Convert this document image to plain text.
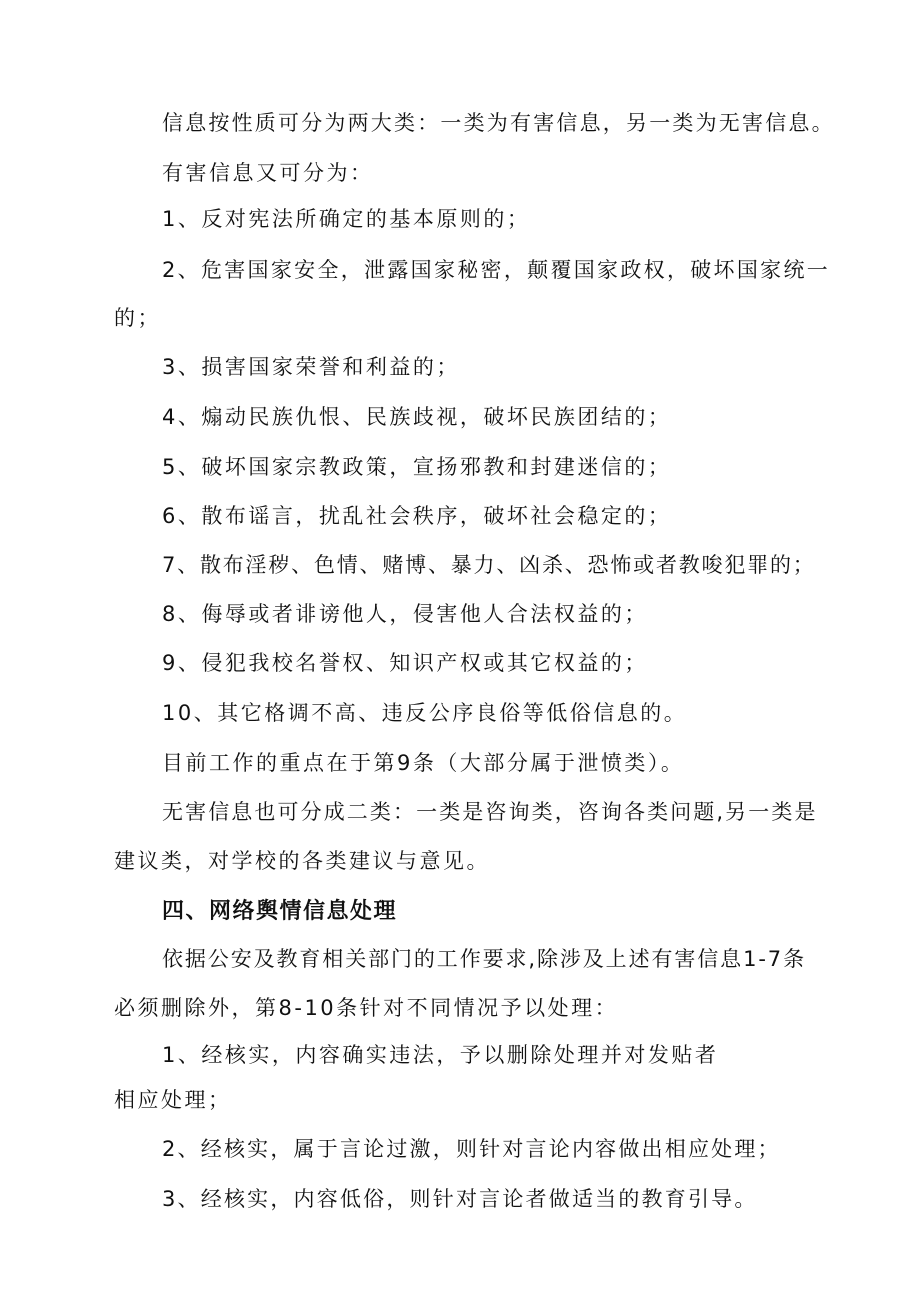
信息按性质可分为两大类：一类为有害信息，另一类为无害信息。

有害信息又可分为：

1、反对宪法所确定的基本原则的；

2、危害国家安全，泄露国家秘密，颠覆国家政权，破坏国家统一

的；

3、损害国家荣誉和利益的；

4、煽动民族仇恨、民族歧视，破坏民族团结的；

5、破坏国家宗教政策，宣扬邪教和封建迷信的；

6、散布谣言，扰乱社会秩序，破坏社会稳定的；

7、散布淫秽、色情、赌博、暴力、凶杀、恐怖或者教唆犯罪的；

8、侮辱或者诽谤他人，侵害他人合法权益的；

9、侵犯我校名誉权、知识产权或其它权益的；

10、其它格调不高、违反公序良俗等低俗信息的。

目前工作的重点在于第9条（大部分属于泄愤类）。

无害信息也可分成二类：一类是咨询类，咨询各类问题,另一类是

建议类，对学校的各类建议与意见。

四、网络舆情信息处理

依据公安及教育相关部门的工作要求,除涉及上述有害信息1-7条

必须删除外，第8-10条针对不同情况予以处理：

1、经核实，内容确实违法，予以删除处理并对发贴者

相应处理；

2、经核实，属于言论过激，则针对言论内容做出相应处理；

3、经核实，内容低俗，则针对言论者做适当的教育引导。
